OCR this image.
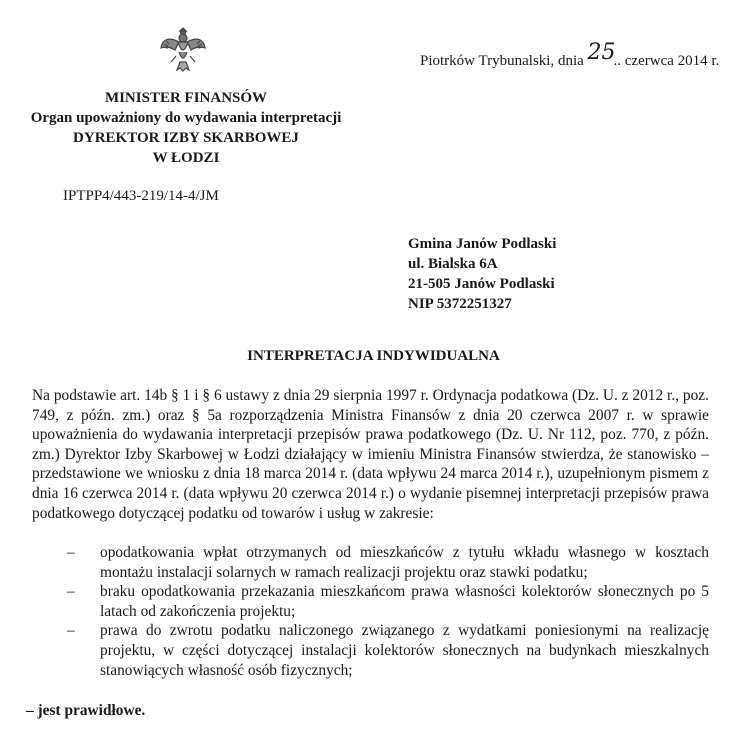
Piotrków Trybunalski, dnia 25.. czerwca 2014 r.
MINISTER FINANSÓW
Organ upoważniony do wydawania interpretacji
DYREKTOR IZBY SKARBOWEJ
W ŁODZI
IPTPP4/443-219/14-4/JM
Gmina Janów Podlaski
ul. Bialska 6A
21-505 Janów Podlaski
NIP 5372251327
INTERPRETACJA INDYWIDUALNA
Na podstawie art. 14b § 1 i § 6 ustawy z dnia 29 sierpnia 1997 r. Ordynacja podatkowa (Dz. U. z 2012 r., poz. 749, z późn. zm.) oraz § 5a rozporządzenia Ministra Finansów z dnia 20 czerwca 2007 r. w sprawie upoważnienia do wydawania interpretacji przepisów prawa podatkowego (Dz. U. Nr 112, poz. 770, z późn. zm.) Dyrektor Izby Skarbowej w Łodzi działający w imieniu Ministra Finansów stwierdza, że stanowisko – przedstawione we wniosku z dnia 18 marca 2014 r. (data wpływu 24 marca 2014 r.), uzupełnionym pismem z dnia 16 czerwca 2014 r. (data wpływu 20 czerwca 2014 r.) o wydanie pisemnej interpretacji przepisów prawa podatkowego dotyczącej podatku od towarów i usług w zakresie:
– opodatkowania wpłat otrzymanych od mieszkańców z tytułu wkładu własnego w kosztach montażu instalacji solarnych w ramach realizacji projektu oraz stawki podatku;
– braku opodatkowania przekazania mieszkańcom prawa własności kolektorów słonecznych po 5 latach od zakończenia projektu;
– prawa do zwrotu podatku naliczonego związanego z wydatkami poniesionymi na realizację projektu, w części dotyczącej instalacji kolektorów słonecznych na budynkach mieszkalnych stanowiących własność osób fizycznych;
– jest prawidłowe.
